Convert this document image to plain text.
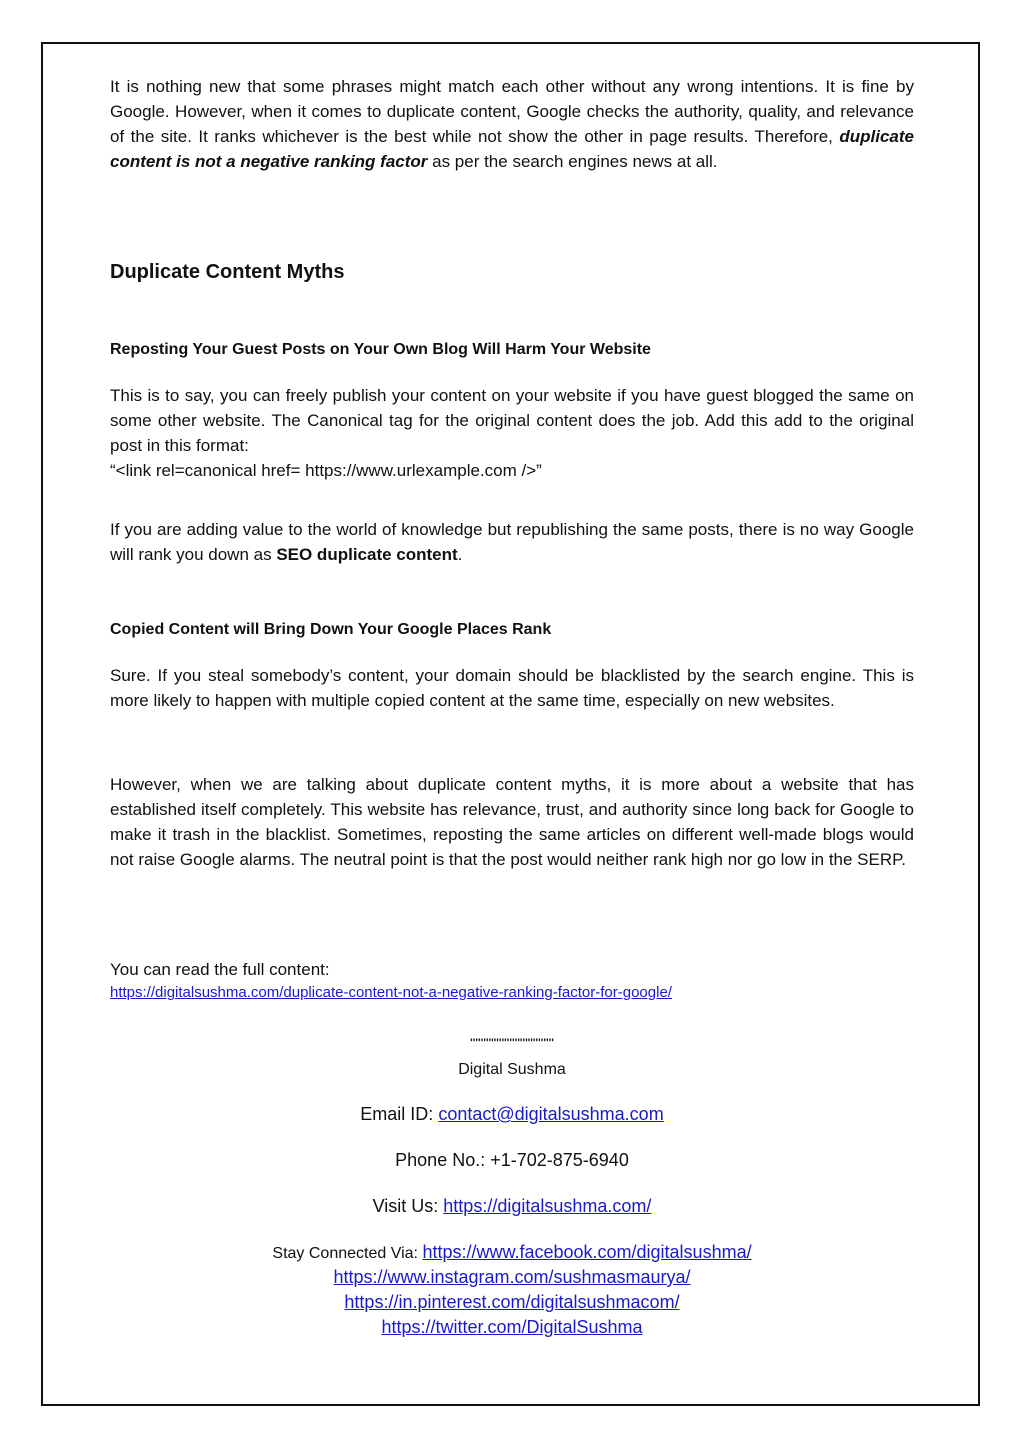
It is nothing new that some phrases might match each other without any wrong intentions. It is fine by Google. However, when it comes to duplicate content, Google checks the authority, quality, and relevance of the site. It ranks whichever is the best while not show the other in page results. Therefore, duplicate content is not a negative ranking factor as per the search engines news at all.
Duplicate Content Myths
Reposting Your Guest Posts on Your Own Blog Will Harm Your Website
This is to say, you can freely publish your content on your website if you have guest blogged the same on some other website. The Canonical tag for the original content does the job. Add this add to the original post in this format:
“<link rel=canonical href= https://www.urlexample.com />”
If you are adding value to the world of knowledge but republishing the same posts, there is no way Google will rank you down as SEO duplicate content.
Copied Content will Bring Down Your Google Places Rank
Sure. If you steal somebody’s content, your domain should be blacklisted by the search engine. This is more likely to happen with multiple copied content at the same time, especially on new websites.
However, when we are talking about duplicate content myths, it is more about a website that has established itself completely. This website has relevance, trust, and authority since long back for Google to make it trash in the blacklist. Sometimes, reposting the same articles on different well-made blogs would not raise Google alarms. The neutral point is that the post would neither rank high nor go low in the SERP.
You can read the full content:
https://digitalsushma.com/duplicate-content-not-a-negative-ranking-factor-for-google/
''''''''''''''''''''''''''''''''
Digital Sushma
Email ID: contact@digitalsushma.com
Phone No.: +1-702-875-6940
Visit Us: https://digitalsushma.com/
Stay Connected Via: https://www.facebook.com/digitalsushma/
https://www.instagram.com/sushmasmaurya/
https://in.pinterest.com/digitalsushmacom/
https://twitter.com/DigitalSushma
